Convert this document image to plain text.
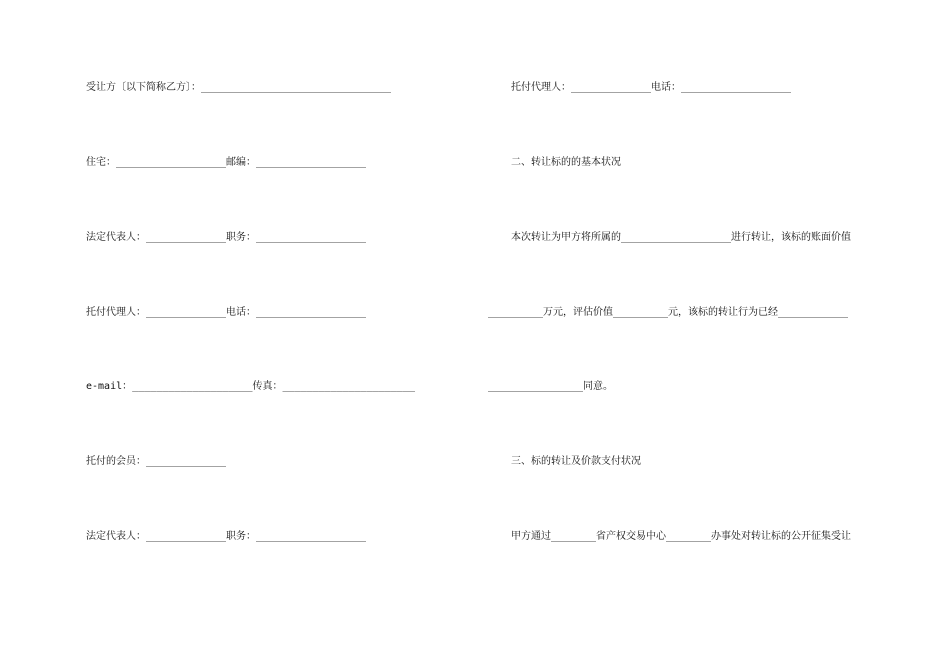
受让方〔以下简称乙方〕：______________________________________
住宅：______________________邮编：______________________
法定代表人：________________职务：______________________
托付代理人：________________电话：______________________
e-mail：____________________传真：______________________
托付的会员：________________
法定代表人：________________职务：______________________
托付代理人：________________电话：______________________
二、转让标的的基本状况
本次转让为甲方将所属的______________________进行转让，该标的账面价值
___________万元，评估价值___________元，该标的转让行为已经______________
___________________同意。
三、标的转让及价款支付状况
甲方通过_________省产权交易中心_________办事处对转让标的公开征集受让
